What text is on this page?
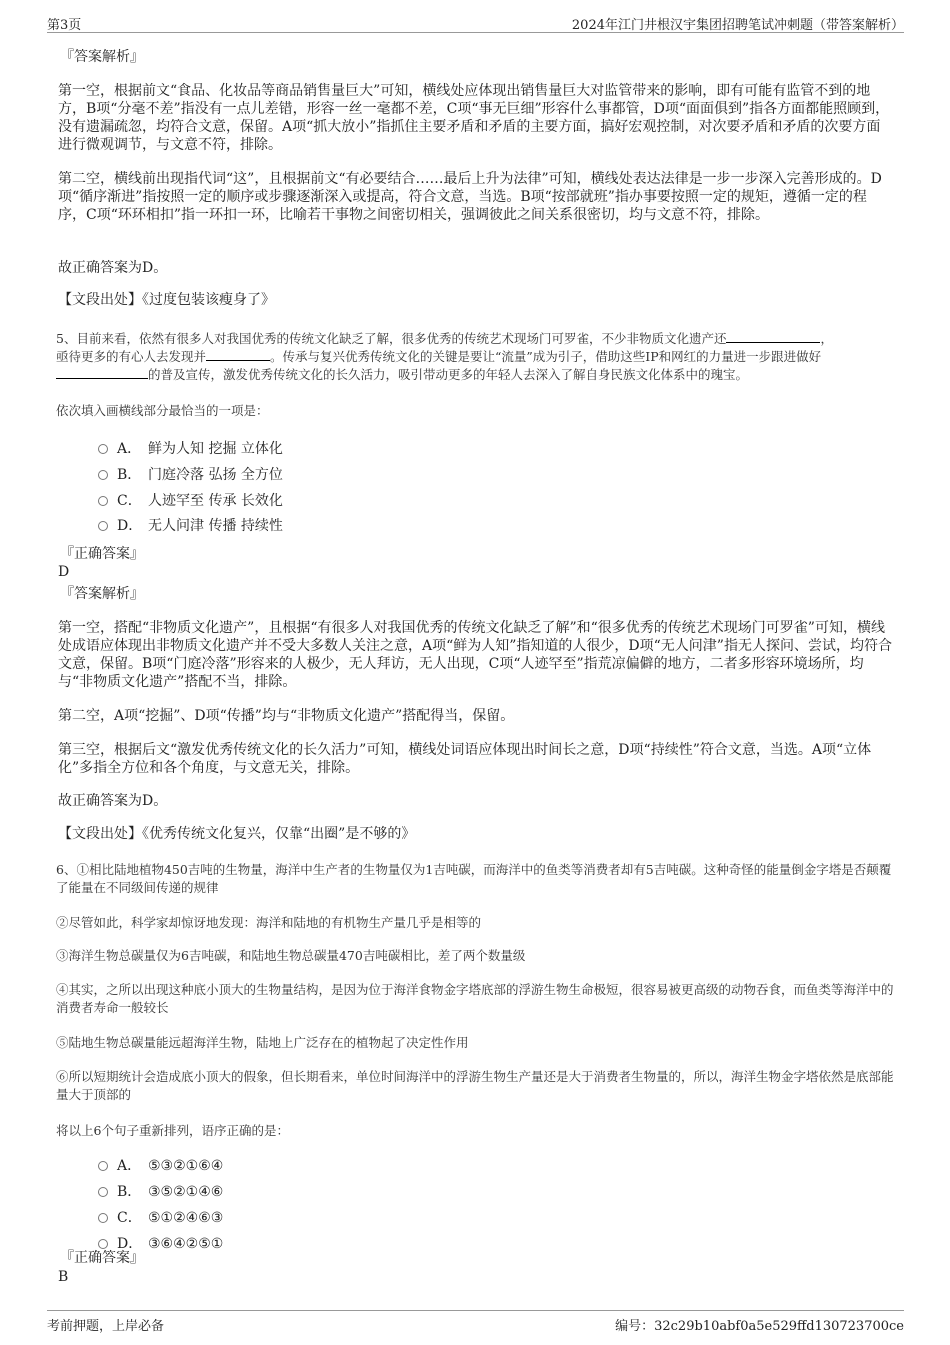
第3页	2024年江门井根汉宇集团招聘笔试冲刺题（带答案解析）
『答案解析』
第一空，根据前文“食品、化妆品等商品销售量巨大”可知，横线处应体现出销售量巨大对监管带来的影响，即有可能有监管不到的地方，B项“分毫不差”指没有一点儿差错，形容一丝一毫都不差，C项“事无巨细”形容什么事都管，D项“面面俱到”指各方面都能照顾到，没有遗漏疏忽，均符合文意，保留。A项“抓大放小”指抓住主要矛盾和矛盾的主要方面，搞好宏观控制，对次要矛盾和矛盾的次要方面进行微观调节，与文意不符，排除。
第二空，横线前出现指代词“这”，且根据前文“有必要结合……最后上升为法律”可知，横线处表达法律是一步一步深入完善形成的。D项“循序渐进”指按照一定的顺序或步骤逐渐深入或提高，符合文意，当选。B项“按部就班”指办事要按照一定的规矩，遵循一定的程序，C项“环环相扣”指一环扣一环，比喻若干事物之间密切相关，强调彼此之间关系很密切，均与文意不符，排除。
故正确答案为D。
【文段出处】《过度包装该瘦身了》
5、目前来看，依然有很多人对我国优秀的传统文化缺乏了解，很多优秀的传统艺术现场门可罗雀，不少非物质文化遗产还	，
亟待更多的有心人去发现并	。传承与复兴优秀传统文化的关键是要让“流量”成为引子，借助这些IP和网红的力量进一步跟进做好
的普及宣传，激发优秀传统文化的长久活力，吸引带动更多的年轻人去深入了解自身民族文化体系中的瑰宝。
依次填入画横线部分最恰当的一项是：
A． 鲜为人知 挖掘 立体化
B． 门庭冷落 弘扬 全方位
C． 人迹罕至 传承 长效化
D． 无人问津 传播 持续性
『正确答案』
D
『答案解析』
第一空，搭配“非物质文化遗产”，且根据“有很多人对我国优秀的传统文化缺乏了解”和“很多优秀的传统艺术现场门可罗雀”可知，横线处成语应体现出非物质文化遗产并不受大多数人关注之意，A项“鲜为人知”指知道的人很少，D项“无人问津”指无人探问、尝试，均符合文意，保留。B项“门庭冷落”形容来的人极少，无人拜访，无人出现，C项“人迹罕至”指荒凉偏僻的地方，二者多形容环境场所，均与“非物质文化遗产”搭配不当，排除。
第二空，A项“挖掘”、D项“传播”均与“非物质文化遗产”搭配得当，保留。
第三空，根据后文“激发优秀传统文化的长久活力”可知，横线处词语应体现出时间长之意，D项“持续性”符合文意，当选。A项“立体化”多指全方位和各个角度，与文意无关，排除。
故正确答案为D。
【文段出处】《优秀传统文化复兴，仅靠“出圈”是不够的》
6、①相比陆地植物450吉吨的生物量，海洋中生产者的生物量仅为1吉吨碳，而海洋中的鱼类等消费者却有5吉吨碳。这种奇怪的能量倒金字塔是否颠覆了能量在不同级间传递的规律
②尽管如此，科学家却惊讶地发现：海洋和陆地的有机物生产量几乎是相等的
③海洋生物总碳量仅为6吉吨碳，和陆地生物总碳量470吉吨碳相比，差了两个数量级
④其实，之所以出现这种底小顶大的生物量结构，是因为位于海洋食物金字塔底部的浮游生物生命极短，很容易被更高级的动物吞食，而鱼类等海洋中的消费者寿命一般较长
⑤陆地生物总碳量能远超海洋生物，陆地上广泛存在的植物起了决定性作用
⑥所以短期统计会造成底小顶大的假象，但长期看来，单位时间海洋中的浮游生物生产量还是大于消费者生物量的，所以，海洋生物金字塔依然是底部能量大于顶部的
将以上6个句子重新排列，语序正确的是：
A． ⑤③②①⑥④
B． ③⑤②①④⑥
C． ⑤①②④⑥③
D． ③⑥④②⑤①
『正确答案』
B
考前押题，上岸必备	编号：32c29b10abf0a5e529ffd130723700ce
